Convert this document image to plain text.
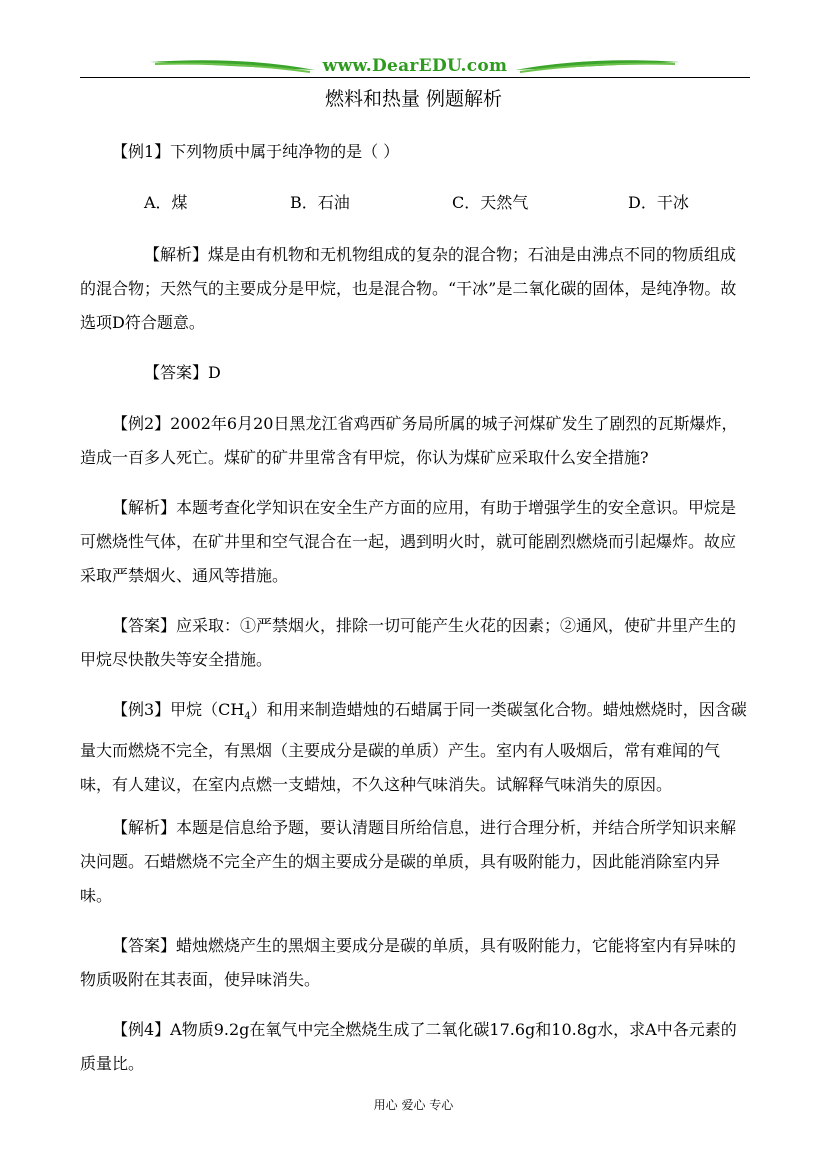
www.DearEDU.com
燃料和热量 例题解析

【例1】下列物质中属于纯净物的是（ ）

A．煤	B．石油	C．天然气	D．干冰

【解析】煤是由有机物和无机物组成的复杂的混合物；石油是由沸点不同的物质组成的混合物；天然气的主要成分是甲烷，也是混合物。“干冰”是二氧化碳的固体，是纯净物。故选项D符合题意。

【答案】D

【例2】2002年6月20日黑龙江省鸡西矿务局所属的城子河煤矿发生了剧烈的瓦斯爆炸，造成一百多人死亡。煤矿的矿井里常含有甲烷，你认为煤矿应采取什么安全措施?

【解析】本题考查化学知识在安全生产方面的应用，有助于增强学生的安全意识。甲烷是可燃烧性气体，在矿井里和空气混合在一起，遇到明火时，就可能剧烈燃烧而引起爆炸。故应采取严禁烟火、通风等措施。

【答案】应采取：①严禁烟火，排除一切可能产生火花的因素；②通风，使矿井里产生的甲烷尽快散失等安全措施。

【例3】甲烷$(CH_4)$和用来制造蜡烛的石蜡属于同一类碳氢化合物。蜡烛燃烧时，因含碳量大而燃烧不完全，有黑烟（主要成分是碳的单质）产生。室内有人吸烟后，常有难闻的气味，有人建议，在室内点燃一支蜡烛，不久这种气味消失。试解释气味消失的原因。

【解析】本题是信息给予题，要认清题目所给信息，进行合理分析，并结合所学知识来解决问题。石蜡燃烧不完全产生的烟主要成分是碳的单质，具有吸附能力，因此能消除室内异味。

【答案】蜡烛燃烧产生的黑烟主要成分是碳的单质，具有吸附能力，它能将室内有异味的物质吸附在其表面，使异味消失。

【例4】A物质9.2g在氧气中完全燃烧生成了二氧化碳17.6g和10.8g水，求A中各元素的质量比。

用心 爱心 专心
